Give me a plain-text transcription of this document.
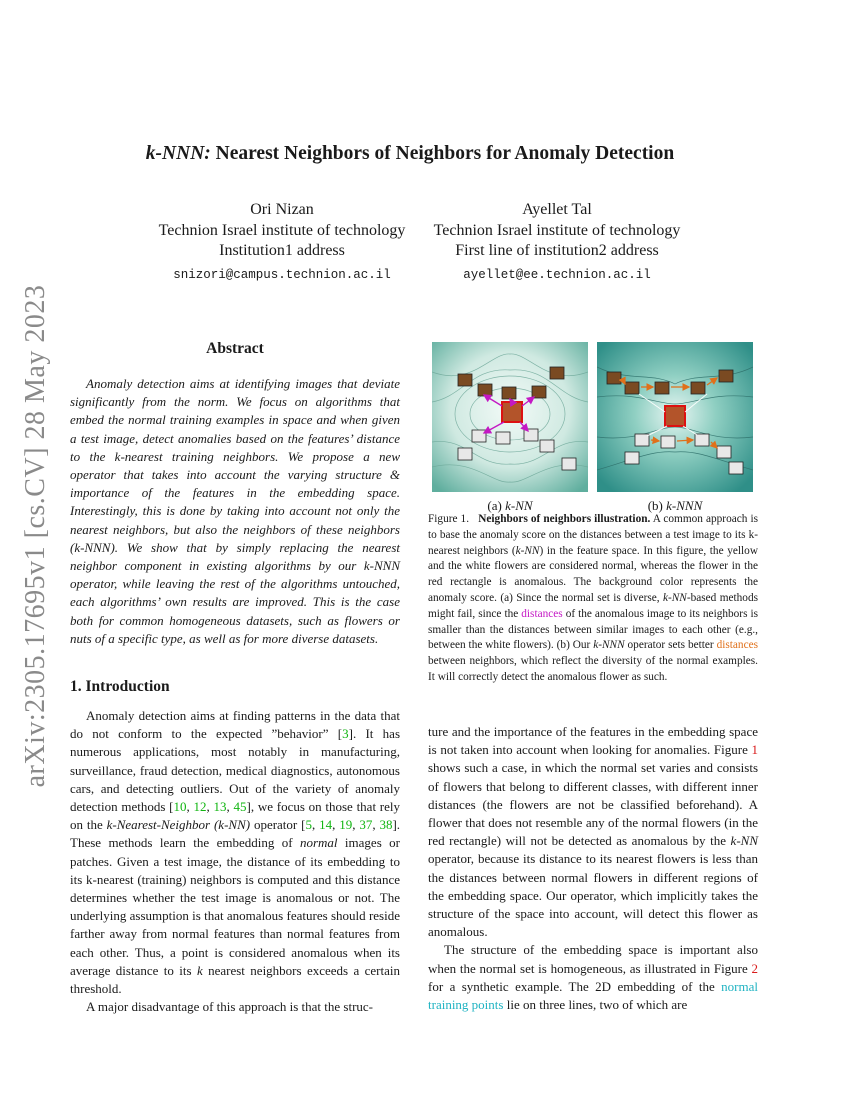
arXiv:2305.17695v1 [cs.CV] 28 May 2023
k-NNN: Nearest Neighbors of Neighbors for Anomaly Detection
Ori Nizan
Technion Israel institute of technology
Institution1 address
snizori@campus.technion.ac.il
Ayellet Tal
Technion Israel institute of technology
First line of institution2 address
ayellet@ee.technion.ac.il
Abstract

Anomaly detection aims at identifying images that deviate significantly from the norm. We focus on algorithms that embed the normal training examples in space and when given a test image, detect anomalies based on the features’ distance to the k-nearest training neighbors. We propose a new operator that takes into account the varying structure & importance of the features in the embedding space. Interestingly, this is done by taking into account not only the nearest neighbors, but also the neighbors of these neighbors (k-NNN). We show that by simply replacing the nearest neighbor component in existing algorithms by our k-NNN operator, while leaving the rest of the algorithms untouched, each algorithms’ own results are improved. This is the case both for common homogeneous datasets, such as flowers or nuts of a specific type, as well as for more diverse datasets.

1. Introduction

Anomaly detection aims at finding patterns in the data that do not conform to the expected ”behavior” [3]. It has numerous applications, most notably in manufacturing, surveillance, fraud detection, medical diagnostics, autonomous cars, and detecting outliers. Out of the variety of anomaly detection methods [10, 12, 13, 45], we focus on those that rely on the k-Nearest-Neighbor (k-NN) operator [5, 14, 19, 37, 38]. These methods learn the embedding of normal images or patches. Given a test image, the distance of its embedding to its k-nearest (training) neighbors is computed and this distance determines whether the test image is anomalous or not. The underlying assumption is that anomalous features should reside farther away from normal features than normal features from each other. Thus, a point is considered anomalous when its average distance to its k nearest neighbors exceeds a certain threshold.

A major disadvantage of this approach is that the struc-

ture and the importance of the features in the embedding space is not taken into account when looking for anomalies. Figure 1 shows such a case, in which the normal set varies and consists of flowers that belong to different classes, with different inner distances (the flowers are not be classified beforehand). A flower that does not resemble any of the normal flowers (in the red rectangle) will not be detected as anomalous by the k-NN operator, because its distance to its nearest flowers is less than the distances between normal flowers in different regions of the embedding space. Our operator, which implicitly takes the structure of the space into account, will detect this flower as anomalous.

The structure of the embedding space is important also when the normal set is homogeneous, as illustrated in Figure 2 for a synthetic example. The 2D embedding of the normal training points lie on three lines, two of which are

(a) k-NN	(b) k-NNN

Figure 1. Neighbors of neighbors illustration. A common approach is to base the anomaly score on the distances between a test image to its k-nearest neighbors (k-NN) in the feature space. In this figure, the yellow and the white flowers are considered normal, whereas the flower in the red rectangle is anomalous. The background color represents the anomaly score. (a) Since the normal set is diverse, k-NN-based methods might fail, since the distances of the anomalous image to its neighbors is smaller than the distances between similar images to each other (e.g., between the white flowers). (b) Our k-NNN operator sets better distances between neighbors, which reflect the diversity of the normal examples. It will correctly detect the anomalous flower as such.
